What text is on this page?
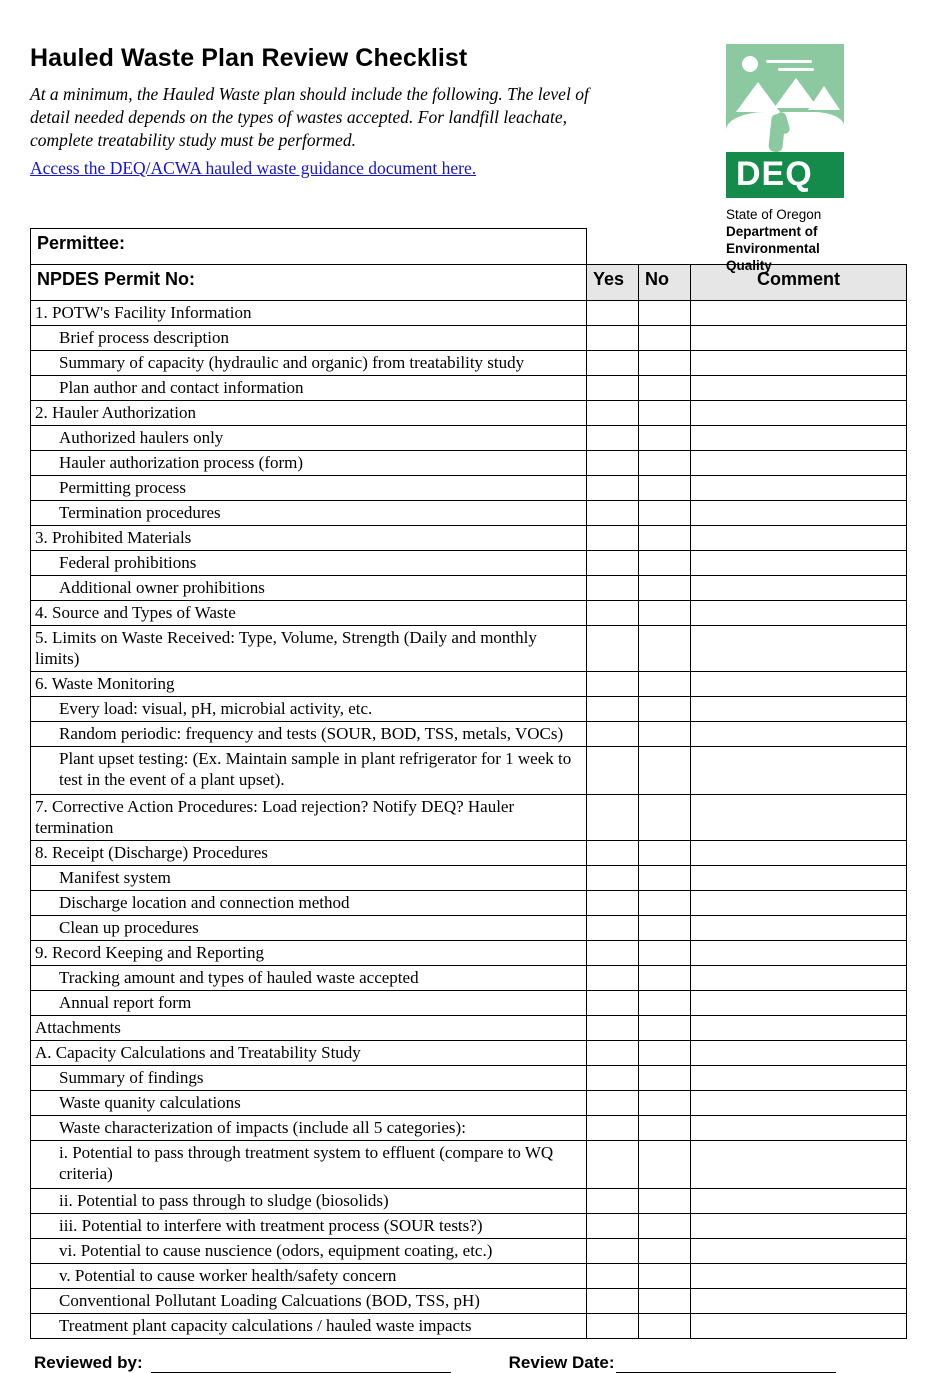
DEQ
State of Oregon
Department of
Environmental
Quality
Hauled Waste Plan Review Checklist

At a minimum, the Hauled Waste plan should include the following. The level of detail needed depends on the types of wastes accepted. For landfill leachate, complete treatability study must be performed.

Access the DEQ/ACWA hauled waste guidance document here.
Permittee:			
NPDES Permit No:	Yes	No	Comment
1. POTW's Facility Information			
Brief process description			
Summary of capacity (hydraulic and organic) from treatability study			
Plan author and contact information			
2. Hauler Authorization			
Authorized haulers only			
Hauler authorization process (form)			
Permitting process			
Termination procedures			
3. Prohibited Materials			
Federal prohibitions			
Additional owner prohibitions			
4. Source and Types of Waste			
5. Limits on Waste Received: Type, Volume, Strength (Daily and monthly limits)			
6. Waste Monitoring			
Every load: visual, pH, microbial activity, etc.			
Random periodic: frequency and tests (SOUR, BOD, TSS, metals, VOCs)			
Plant upset testing: (Ex. Maintain sample in plant refrigerator for 1 week to test in the event of a plant upset).			
7. Corrective Action Procedures: Load rejection? Notify DEQ? Hauler termination			
8. Receipt (Discharge) Procedures			
Manifest system			
Discharge location and connection method			
Clean up procedures			
9. Record Keeping and Reporting			
Tracking amount and types of hauled waste accepted			
Annual report form			
Attachments			
A. Capacity Calculations and Treatability Study			
Summary of findings			
Waste quanity calculations			
Waste characterization of impacts (include all 5 categories):			
i. Potential to pass through treatment system to effluent (compare to WQ criteria)			
ii. Potential to pass through to sludge (biosolids)			
iii. Potential to interfere with treatment process (SOUR tests?)			
vi. Potential to cause nuscience (odors, equipment coating, etc.)			
v. Potential to cause worker health/safety concern			
Conventional Pollutant Loading Calcuations (BOD, TSS, pH)			
Treatment plant capacity calculations / hauled waste impacts			
Reviewed by:	Review Date:
